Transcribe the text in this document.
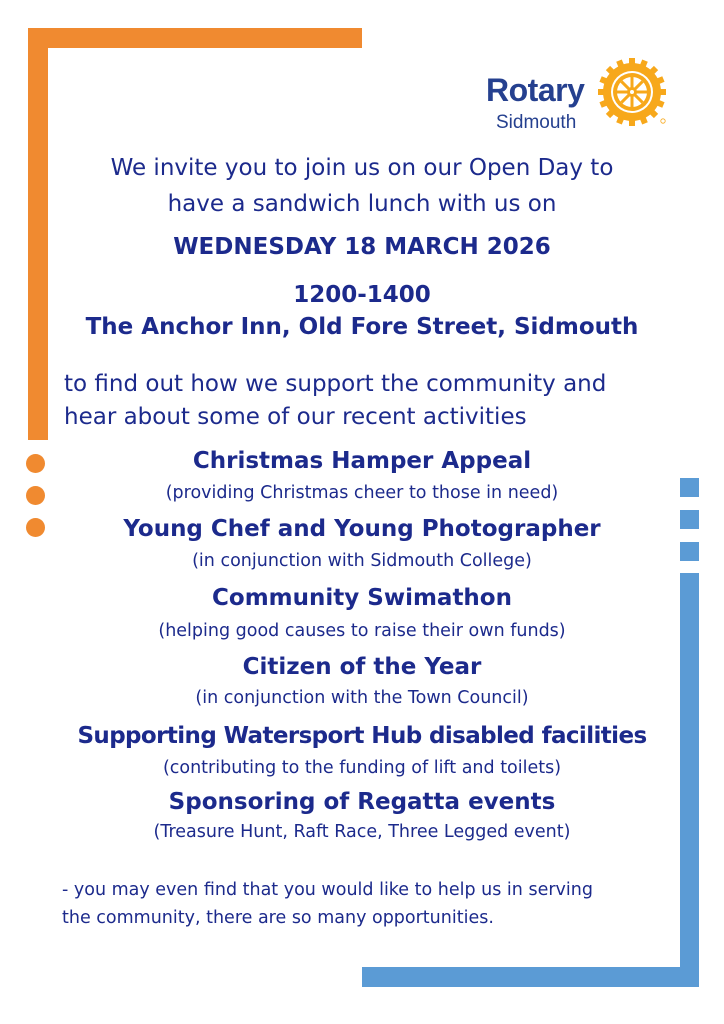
Rotary
Sidmouth
We invite you to join us on our Open Day to
have a sandwich lunch with us on
WEDNESDAY 18 MARCH 2026
1200-1400
The Anchor Inn, Old Fore Street, Sidmouth
to find out how we support the community and
hear about some of our recent activities
Christmas Hamper Appeal
(providing Christmas cheer to those in need)
Young Chef and Young Photographer
(in conjunction with Sidmouth College)
Community Swimathon
(helping good causes to raise their own funds)
Citizen of the Year
(in conjunction with the Town Council)
Supporting Watersport Hub disabled facilities
(contributing to the funding of lift and toilets)
Sponsoring of Regatta events
(Treasure Hunt, Raft Race, Three Legged event)
- you may even find that you would like to help us in serving
the community, there are so many opportunities.
